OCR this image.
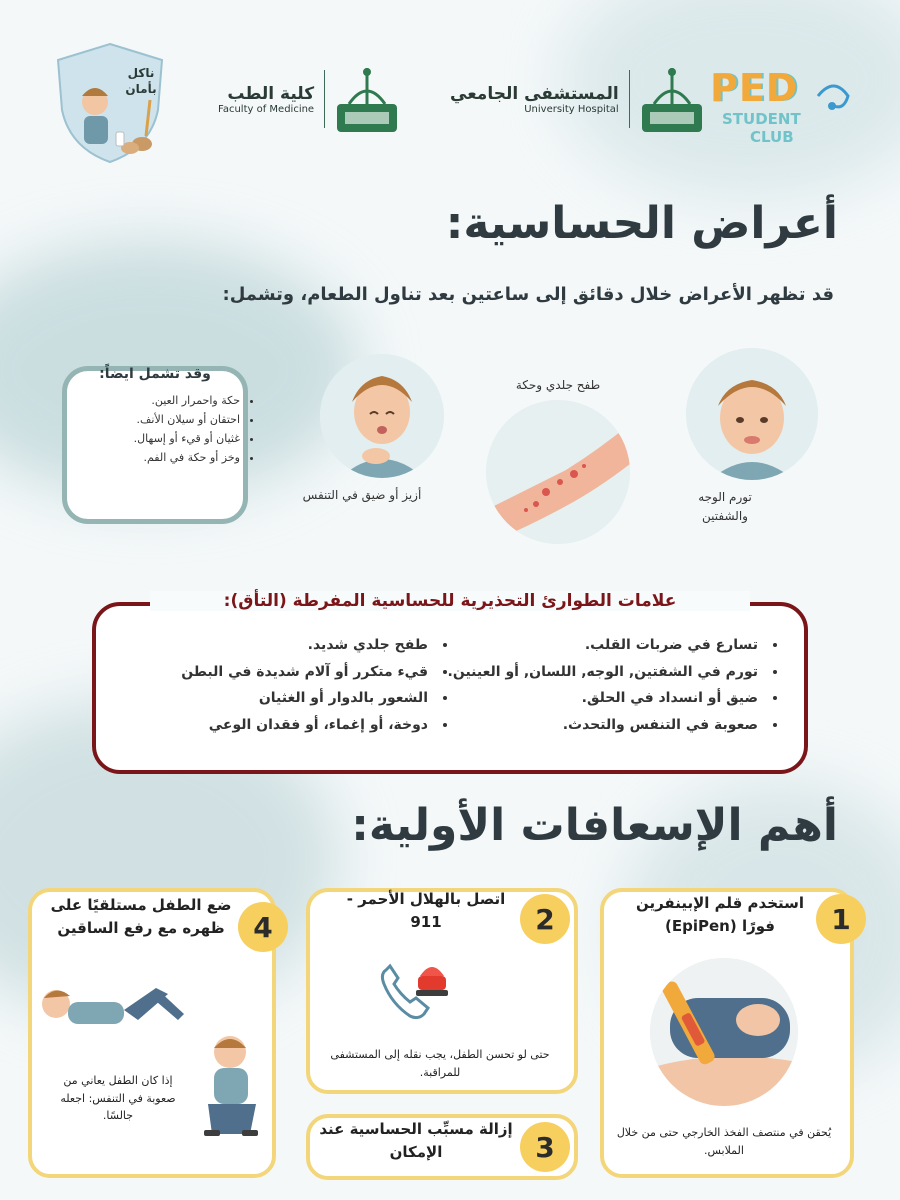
ناكل بأمان	كلية الطب
Faculty of Medicine
المستشفى الجامعي
University Hospital PED
STUDENT
CLUB
أعراض الحساسية:
قد تظهر الأعراض خلال دقائق إلى ساعتين بعد تناول الطعام، وتشمل:
تورم الوجه والشفتين
طفح جلدي وحكة
أزيز أو ضيق في التنفس
وقد تشمل ايضاً:
• حكة واحمرار العين.
• احتقان أو سيلان الأنف.
• غثيان أو قيء أو إسهال.
• وخز أو حكة في الفم.
علامات الطوارئ التحذيرية للحساسية المفرطة (التأق):
• تسارع في ضربات القلب.
• تورم في الشفتين, الوجه, اللسان, أو العينين.
• ضيق أو انسداد في الحلق.
• صعوبة في التنفس والتحدث.
• طفح جلدي شديد.
• قيء متكرر أو آلام شديدة في البطن
• الشعور بالدوار أو الغثيان
• دوخة، أو إغماء، أو فقدان الوعي
أهم الإسعافات الأولية:
1
استخدم قلم الإبينفرين فورًا (EpiPen)
يُحقن في منتصف الفخذ الخارجي حتى من خلال الملابس.
2
اتصل بالهلال الأحمر - 911
حتى لو تحسن الطفل، يجب نقله إلى المستشفى للمراقبة.
3
إزالة مسبِّب الحساسية عند الإمكان
4
ضع الطفل مستلقيًا على ظهره مع رفع الساقين
إذا كان الطفل يعاني من صعوبة في التنفس: اجعله جالسًا.
